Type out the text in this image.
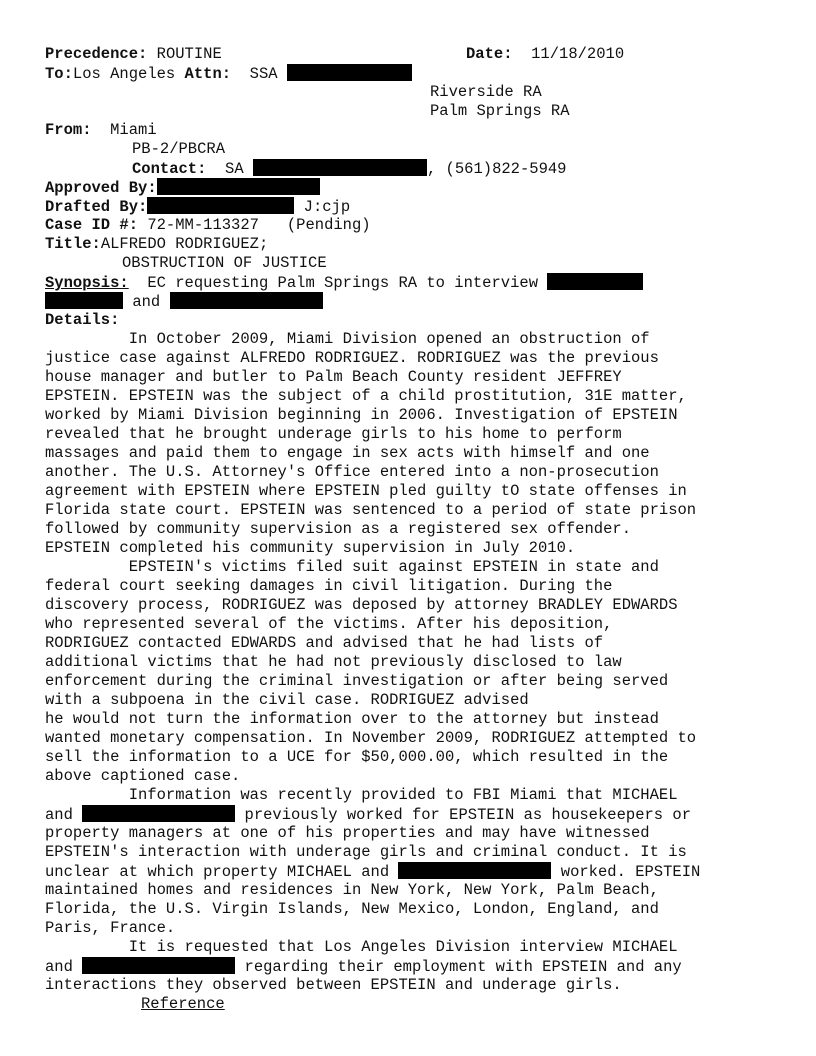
Precedence: ROUTINE	Date: 11/18/2010
To:Los Angeles Attn: SSA
Riverside RA
Palm Springs RA
From: Miami
PB-2/PBCRA
Contact: SA	, (561)822-5949
Approved By:
Drafted By:	J:cjp
Case ID #: 72-MM-113327 (Pending)
Title:ALFREDO RODRIGUEZ;
OBSTRUCTION OF JUSTICE
Synopsis: EC requesting Palm Springs RA to interview
and
Details:
In October 2009, Miami Division opened an obstruction of
justice case against ALFREDO RODRIGUEZ. RODRIGUEZ was the previous
house manager and butler to Palm Beach County resident JEFFREY
EPSTEIN. EPSTEIN was the subject of a child prostitution, 31E matter,
worked by Miami Division beginning in 2006. Investigation of EPSTEIN
revealed that he brought underage girls to his home to perform
massages and paid them to engage in sex acts with himself and one
another. The U.S. Attorney's Office entered into a non-prosecution
agreement with EPSTEIN where EPSTEIN pled guilty tO state offenses in
Florida state court. EPSTEIN was sentenced to a period of state prison
followed by community supervision as a registered sex offender.
EPSTEIN completed his community supervision in July 2010.
EPSTEIN's victims filed suit against EPSTEIN in state and
federal court seeking damages in civil litigation. During the
discovery process, RODRIGUEZ was deposed by attorney BRADLEY EDWARDS
who represented several of the victims. After his deposition,
RODRIGUEZ contacted EDWARDS and advised that he had lists of
additional victims that he had not previously disclosed to law
enforcement during the criminal investigation or after being served
with a subpoena in the civil case. RODRIGUEZ advised
he would not turn the information over to the attorney but instead
wanted monetary compensation. In November 2009, RODRIGUEZ attempted to
sell the information to a UCE for $50,000.00, which resulted in the
above captioned case.
Information was recently provided to FBI Miami that MICHAEL
and	previously worked for EPSTEIN as housekeepers or
property managers at one of his properties and may have witnessed
EPSTEIN's interaction with underage girls and criminal conduct. It is
unclear at which property MICHAEL and	worked. EPSTEIN
maintained homes and residences in New York, New York, Palm Beach,
Florida, the U.S. Virgin Islands, New Mexico, London, England, and
Paris, France.
It is requested that Los Angeles Division interview MICHAEL
and	regarding their employment with EPSTEIN and any
interactions they observed between EPSTEIN and underage girls.
Reference
